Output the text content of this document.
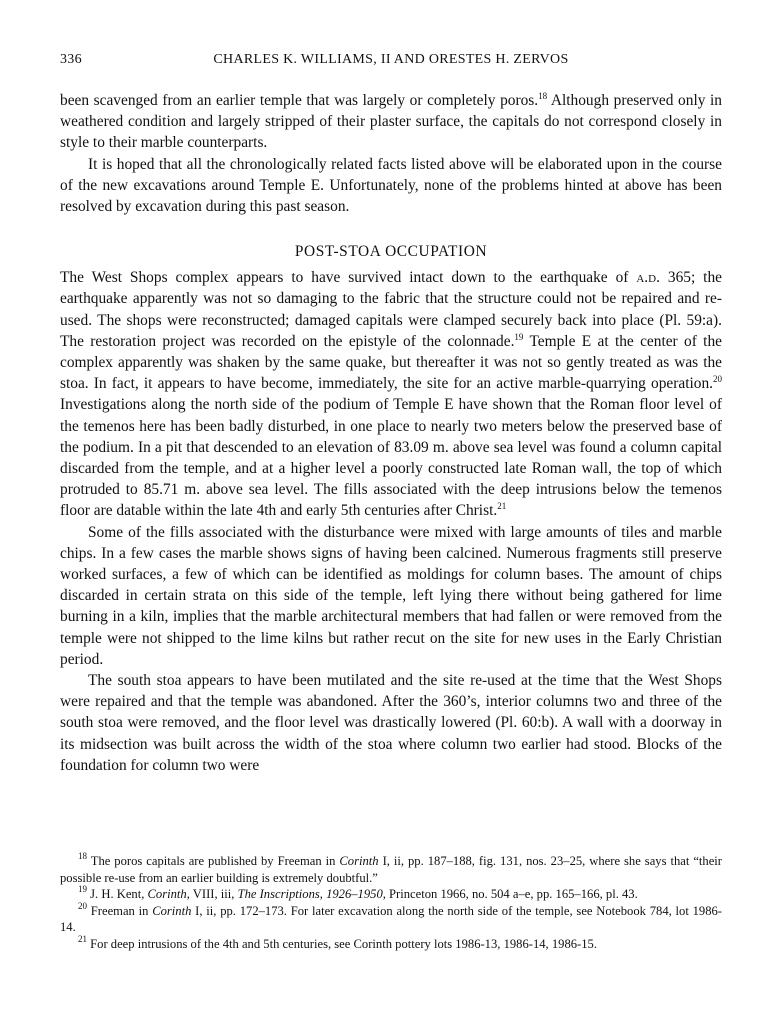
336	CHARLES K. WILLIAMS, II AND ORESTES H. ZERVOS

been scavenged from an earlier temple that was largely or completely poros.$^{18}$ Although preserved only in weathered condition and largely stripped of their plaster surface, the capitals do not correspond closely in style to their marble counterparts.

It is hoped that all the chronologically related facts listed above will be elaborated upon in the course of the new excavations around Temple E. Unfortunately, none of the problems hinted at above has been resolved by excavation during this past season.

POST-STOA OCCUPATION

The West Shops complex appears to have survived intact down to the earthquake of a.d. 365; the earthquake apparently was not so damaging to the fabric that the structure could not be repaired and re-used. The shops were reconstructed; damaged capitals were clamped securely back into place (Pl. 59:a). The restoration project was recorded on the epistyle of the colonnade.$^{19}$ Temple E at the center of the complex apparently was shaken by the same quake, but thereafter it was not so gently treated as was the stoa. In fact, it appears to have become, immediately, the site for an active marble-quarrying operation.$^{20}$ Investigations along the north side of the podium of Temple E have shown that the Roman floor level of the temenos here has been badly disturbed, in one place to nearly two meters below the preserved base of the podium. In a pit that descended to an elevation of 83.09 m. above sea level was found a column capital discarded from the temple, and at a higher level a poorly constructed late Roman wall, the top of which protruded to 85.71 m. above sea level. The fills associated with the deep intrusions below the temenos floor are datable within the late 4th and early 5th centuries after Christ.$^{21}$

Some of the fills associated with the disturbance were mixed with large amounts of tiles and marble chips. In a few cases the marble shows signs of having been calcined. Numerous fragments still preserve worked surfaces, a few of which can be identified as moldings for column bases. The amount of chips discarded in certain strata on this side of the temple, left lying there without being gathered for lime burning in a kiln, implies that the marble architectural members that had fallen or were removed from the temple were not shipped to the lime kilns but rather recut on the site for new uses in the Early Christian period.

The south stoa appears to have been mutilated and the site re-used at the time that the West Shops were repaired and that the temple was abandoned. After the 360’s, interior columns two and three of the south stoa were removed, and the floor level was drastically lowered (Pl. 60:b). A wall with a doorway in its midsection was built across the width of the stoa where column two earlier had stood. Blocks of the foundation for column two were

$^{18}$ The poros capitals are published by Freeman in Corinth I, ii, pp. 187–188, fig. 131, nos. 23–25, where she says that “their possible re-use from an earlier building is extremely doubtful.”

$^{19}$ J. H. Kent, Corinth, VIII, iii, The Inscriptions, 1926–1950, Princeton 1966, no. 504 a–e, pp. 165–166, pl. 43.

$^{20}$ Freeman in Corinth I, ii, pp. 172–173. For later excavation along the north side of the temple, see Notebook 784, lot 1986-14.

$^{21}$ For deep intrusions of the 4th and 5th centuries, see Corinth pottery lots 1986-13, 1986-14, 1986-15.
